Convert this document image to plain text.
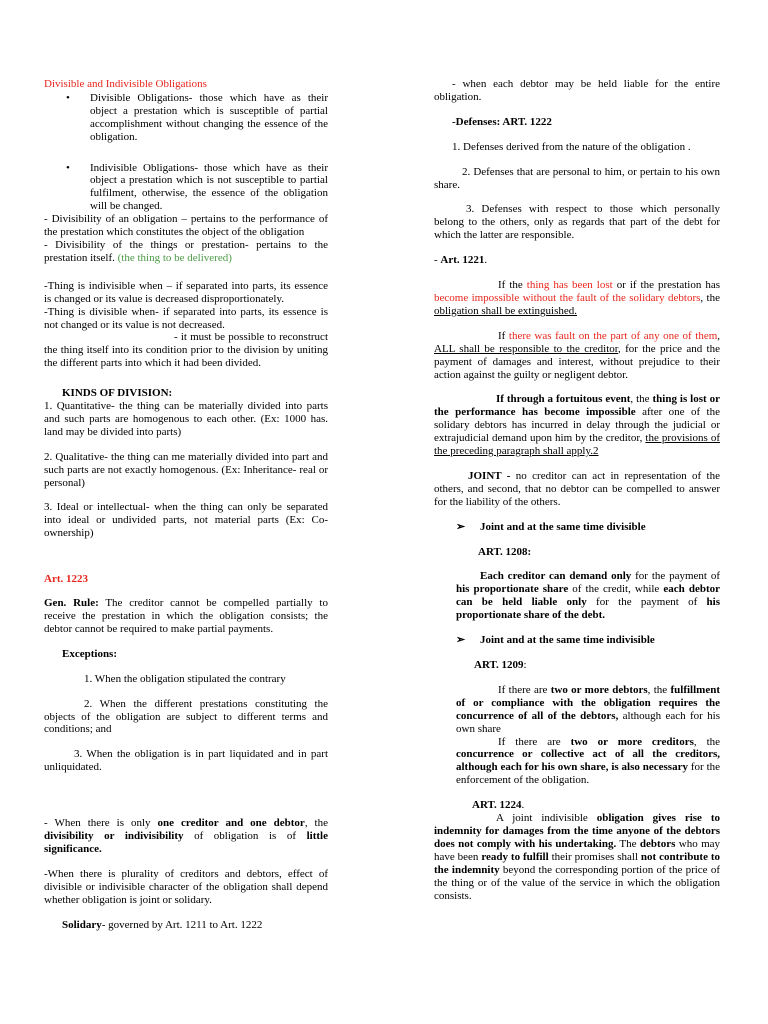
Divisible and Indivisible Obligations

•	Divisible Obligations- those which have as their object a prestation which is susceptible of partial accomplishment without changing the essence of the obligation.
•	Indivisible Obligations- those which have as their object a prestation which is not susceptible to partial fulfilment, otherwise, the essence of the obligation will be changed.

- Divisibility of an obligation – pertains to the performance of the prestation which constitutes the object of the obligation

- Divisibility of the things or prestation- pertains to the prestation itself. (the thing to be delivered)

-Thing is indivisible when – if separated into parts, its essence is changed or its value is decreased disproportionately.

-Thing is divisible when- if separated into parts, its essence is not changed or its value is not decreased.

- it must be possible to reconstruct the thing itself into its condition prior to the division by uniting the different parts into which it had been divided.

KINDS OF DIVISION:

1. Quantitative- the thing can be materially divided into parts and such parts are homogenous to each other. (Ex: 1000 has. land may be divided into parts)

2. Qualitative- the thing can me materially divided into part and such parts are not exactly homogenous. (Ex: Inheritance- real or personal)

3. Ideal or intellectual- when the thing can only be separated into ideal or undivided parts, not material parts (Ex: Co-ownership)

Art. 1223

Gen. Rule: The creditor cannot be compelled partially to receive the prestation in which the obligation consists; the debtor cannot be required to make partial payments.

Exceptions:

1. When the obligation stipulated the contrary

2. When the different prestations constituting the objects of the obligation are subject to different terms and conditions; and

3. When the obligation is in part liquidated and in part unliquidated.

- When there is only one creditor and one debtor, the divisibility or indivisibility of obligation is of little significance.

-When there is plurality of creditors and debtors, effect of divisible or indivisible character of the obligation shall depend whether obligation is joint or solidary.

Solidary- governed by Art. 1211 to Art. 1222

- when each debtor may be held liable for the entire obligation.

-Defenses: ART. 1222

1. Defenses derived from the nature of the obligation .

2. Defenses that are personal to him, or pertain to his own share.

3. Defenses with respect to those which personally belong to the others, only as regards that part of the debt for which the latter are responsible.

- Art. 1221.

If the thing has been lost or if the prestation has become impossible without the fault of the solidary debtors, the obligation shall be extinguished.

If there was fault on the part of any one of them, ALL shall be responsible to the creditor, for the price and the payment of damages and interest, without prejudice to their action against the guilty or negligent debtor.

If through a fortuitous event, the thing is lost or the performance has become impossible after one of the solidary debtors has incurred in delay through the judicial or extrajudicial demand upon him by the creditor, the provisions of the preceding paragraph shall apply.2

JOINT - no creditor can act in representation of the others, and second, that no debtor can be compelled to answer for the liability of the others.

➢	Joint and at the same time divisible

ART. 1208:

Each creditor can demand only for the payment of his proportionate share of the credit, while each debtor can be held liable only for the payment of his proportionate share of the debt.

➢	Joint and at the same time indivisible

ART. 1209:

If there are two or more debtors, the fulfillment of or compliance with the obligation requires the concurrence of all of the debtors, although each for his own share

If there are two or more creditors, the concurrence or collective act of all the creditors, although each for his own share, is also necessary for the enforcement of the obligation.

ART. 1224.

A joint indivisible obligation gives rise to indemnity for damages from the time anyone of the debtors does not comply with his undertaking. The debtors who may have been ready to fulfill their promises shall not contribute to the indemnity beyond the corresponding portion of the price of the thing or of the value of the service in which the obligation consists.
